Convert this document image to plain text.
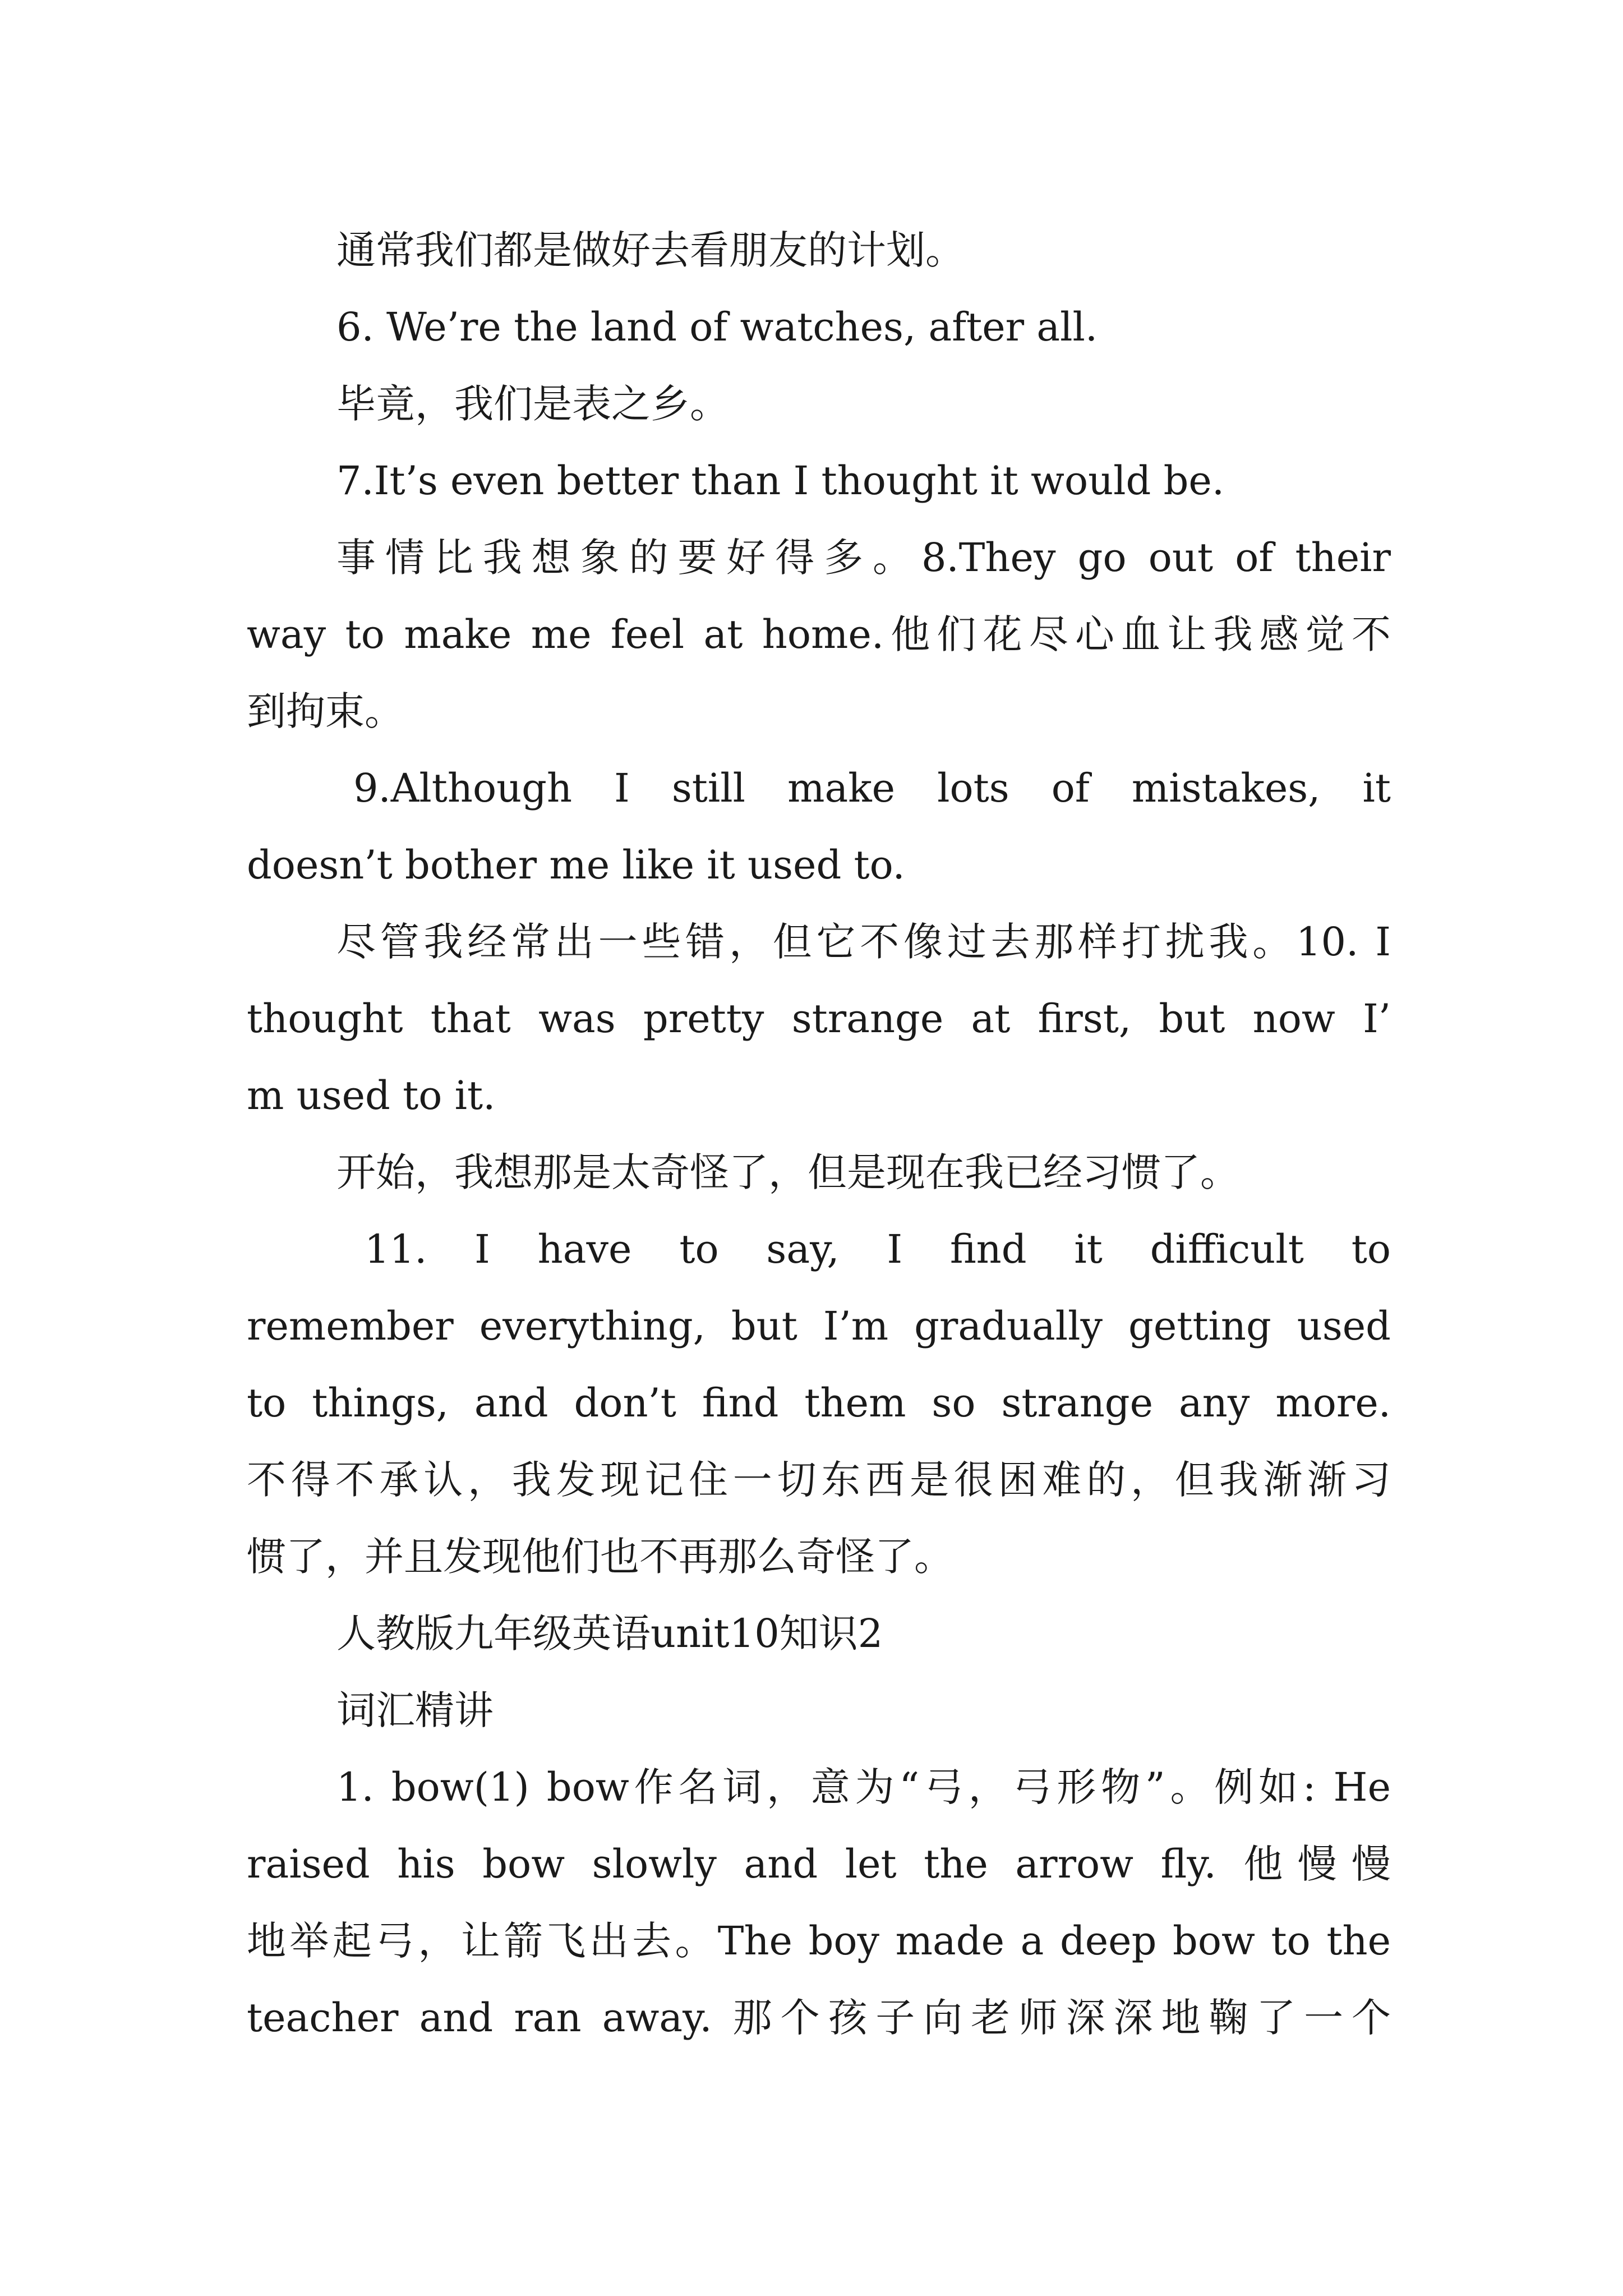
通常我们都是做好去看朋友的计划。
6. We’re the land of watches, after all.
毕竟，我们是表之乡。
7.It’s even better than I thought it would be.
事情比我想象的要好得多。8.They go out of their
way to make me feel at home.他们花尽心血让我感觉不
到拘束。
9.Although I still make lots of mistakes, it
doesn’t bother me like it used to.
尽管我经常出一些错，但它不像过去那样打扰我。10. I
thought that was pretty strange at first, but now I’
m used to it.
开始，我想那是太奇怪了，但是现在我已经习惯了。
11. I have to say, I find it difficult to
remember everything, but I’m gradually getting used
to things, and don’t find them so strange any more.
不得不承认，我发现记住一切东西是很困难的，但我渐渐习
惯了，并且发现他们也不再那么奇怪了。
人教版九年级英语unit10知识2
词汇精讲
1. bow(1) bow作名词，意为“弓，弓形物”。例如: He
raised his bow slowly and let the arrow fly. 他慢慢
地举起弓，让箭飞出去。The boy made a deep bow to the
teacher and ran away. 那个孩子向老师深深地鞠了一个
